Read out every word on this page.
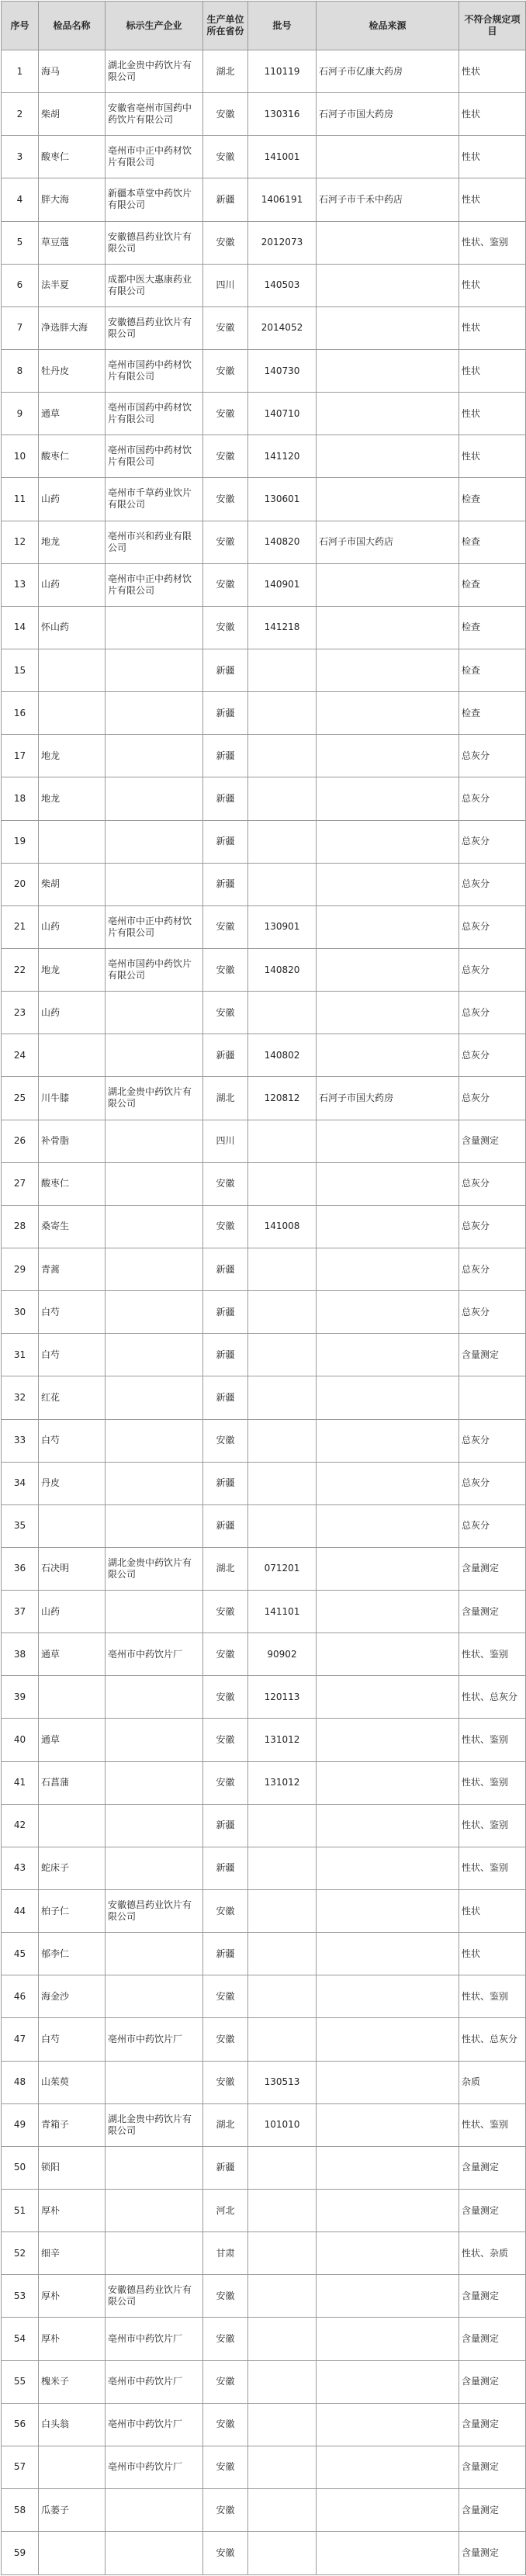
序号	检品名称	标示生产企业	生产单位所在省份	批号	检品来源	不符合规定项目
1	海马	湖北金贵中药饮片有限公司	湖北	110119	石河子市亿康大药房	性状
2	柴胡	安徽省亳州市国药中药饮片有限公司	安徽	130316	石河子市国大药房	性状
3	酸枣仁	亳州市中正中药材饮片有限公司	安徽	141001		性状
4	胖大海	新疆本草堂中药饮片有限公司	新疆	1406191	石河子市千禾中药店	性状
5	草豆蔻	安徽德昌药业饮片有限公司	安徽	2012073		性状、鉴别
6	法半夏	成都中医大惠康药业有限公司	四川	140503		性状
7	净选胖大海	安徽德昌药业饮片有限公司	安徽	2014052		性状
8	牡丹皮	亳州市国药中药材饮片有限公司	安徽	140730		性状
9	通草	亳州市国药中药材饮片有限公司	安徽	140710		性状
10	酸枣仁	亳州市国药中药材饮片有限公司	安徽	141120		性状
11	山药	亳州市千草药业饮片有限公司	安徽	130601		检查
12	地龙	亳州市兴和药业有限公司	安徽	140820	石河子市国大药店	检查
13	山药	亳州市中正中药材饮片有限公司	安徽	140901		检查
14	怀山药		安徽	141218		检查
15			新疆			检查
16			新疆			检查
17	地龙		新疆			总灰分
18	地龙		新疆			总灰分
19			新疆			总灰分
20	柴胡		新疆			总灰分
21	山药	亳州市中正中药材饮片有限公司	安徽	130901		总灰分
22	地龙	亳州市国药中药饮片有限公司	安徽	140820		总灰分
23	山药		安徽			总灰分
24			新疆	140802		总灰分
25	川牛膝	湖北金贵中药饮片有限公司	湖北	120812	石河子市国大药房	总灰分
26	补骨脂		四川			含量测定
27	酸枣仁		安徽			总灰分
28	桑寄生		安徽	141008		总灰分
29	青蒿		新疆			总灰分
30	白芍		新疆			总灰分
31	白芍		新疆			含量测定
32	红花		新疆			
33	白芍		安徽			总灰分
34	丹皮		新疆			总灰分
35			新疆			总灰分
36	石决明	湖北金贵中药饮片有限公司	湖北	071201		含量测定
37	山药		安徽	141101		含量测定
38	通草	亳州市中药饮片厂	安徽	90902		性状、鉴别
39			安徽	120113		性状、总灰分
40	通草		安徽	131012		性状、鉴别
41	石菖蒲		安徽	131012		性状、鉴别
42			新疆			性状、鉴别
43	蛇床子		新疆			性状、鉴别
44	柏子仁	安徽德昌药业饮片有限公司	安徽			性状
45	郁李仁		新疆			性状
46	海金沙		安徽			性状、鉴别
47	白芍	亳州市中药饮片厂	安徽			性状、总灰分
48	山茱萸		安徽	130513		杂质
49	青箱子	湖北金贵中药饮片有限公司	湖北	101010		性状、鉴别
50	锁阳		新疆			含量测定
51	厚朴		河北			含量测定
52	细辛		甘肃			性状、杂质
53	厚朴	安徽德昌药业饮片有限公司	安徽			含量测定
54	厚朴	亳州市中药饮片厂	安徽			含量测定
55	槐米子	亳州市中药饮片厂	安徽			含量测定
56	白头翁	亳州市中药饮片厂	安徽			含量测定
57		亳州市中药饮片厂	安徽			含量测定
58	瓜蒌子		安徽			含量测定
59			安徽			含量测定
